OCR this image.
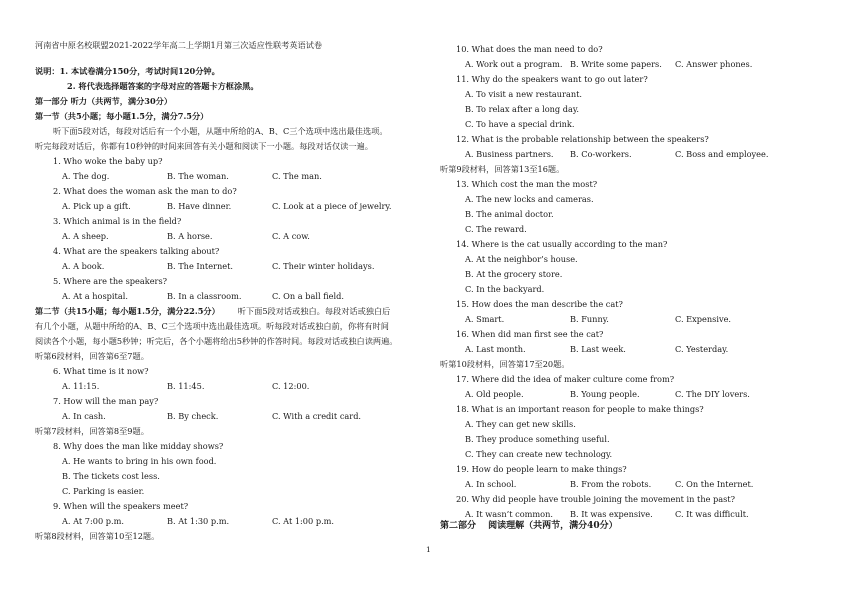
河南省中原名校联盟2021-2022学年高二上学期1月第三次适应性联考英语试卷
说明：1. 本试卷满分150分，考试时间120分钟。
2. 将代表选择题答案的字母对应的答题卡方框涂黑。
第一部分 听力（共两节，满分30分）
第一节（共5小题；每小题1.5分，满分7.5分）
听下面5段对话，每段对话后有一个小题，从题中所给的A、B、C三个选项中选出最佳选项。
听完每段对话后，你都有10秒钟的时间来回答有关小题和阅读下一小题。每段对话仅读一遍。
1. Who woke the baby up?
A. The dog.	B. The woman.	C. The man.
2. What does the woman ask the man to do?
A. Pick up a gift.	B. Have dinner.	C. Look at a piece of jewelry.
3. Which animal is in the field?
A. A sheep.	B. A horse.	C. A cow.
4. What are the speakers talking about?
A. A book.	B. The Internet.	C. Their winter holidays.
5. Where are the speakers?
A. At a hospital.	B. In a classroom.	C. On a ball field.
第二节（共15小题；每小题1.5分，满分22.5分） 听下面5段对话或独白。每段对话或独白后
有几个小题，从题中所给的A、B、C三个选项中选出最佳选项。听每段对话或独白前，你将有时间
阅读各个小题，每小题5秒钟；听完后，各个小题将给出5秒钟的作答时间。每段对话或独白读两遍。
听第6段材料，回答第6至7题。
6. What time is it now?
A. 11:15.	B. 11:45.	C. 12:00.
7. How will the man pay?
A. In cash.	B. By check.	C. With a credit card.
听第7段材料，回答第8至9题。
8. Why does the man like midday shows?
A. He wants to bring in his own food.
B. The tickets cost less.
C. Parking is easier.
9. When will the speakers meet?
A. At 7:00 p.m.	B. At 1:30 p.m.	C. At 1:00 p.m.
听第8段材料，回答第10至12题。
10. What does the man need to do?
A. Work out a program. B. Write some papers. C. Answer phones.
11. Why do the speakers want to go out later?
A. To visit a new restaurant.
B. To relax after a long day.
C. To have a special drink.
12. What is the probable relationship between the speakers?
A. Business partners. B. Co-workers.	C. Boss and employee.
听第9段材料，回答第13至16题。
13. Which cost the man the most?
A. The new locks and cameras.
B. The animal doctor.
C. The reward.
14. Where is the cat usually according to the man?
A. At the neighbor’s house.
B. At the grocery store.
C. In the backyard.
15. How does the man describe the cat?
A. Smart.	B. Funny.	C. Expensive.
16. When did man first see the cat?
A. Last month.	B. Last week.	C. Yesterday.
听第10段材料，回答第17至20题。
17. Where did the idea of maker culture come from?
A. Old people.	B. Young people.	C. The DIY lovers.
18. What is an important reason for people to make things?
A. They can get new skills.
B. They produce something useful.
C. They can create new technology.
19. How do people learn to make things?
A. In school.	B. From the robots.	C. On the Internet.
20. Why did people have trouble joining the movement in the past?
A. It wasn’t common. B. It was expensive.	C. It was difficult.
第二部分　 阅读理解（共两节，满分40分）
1
